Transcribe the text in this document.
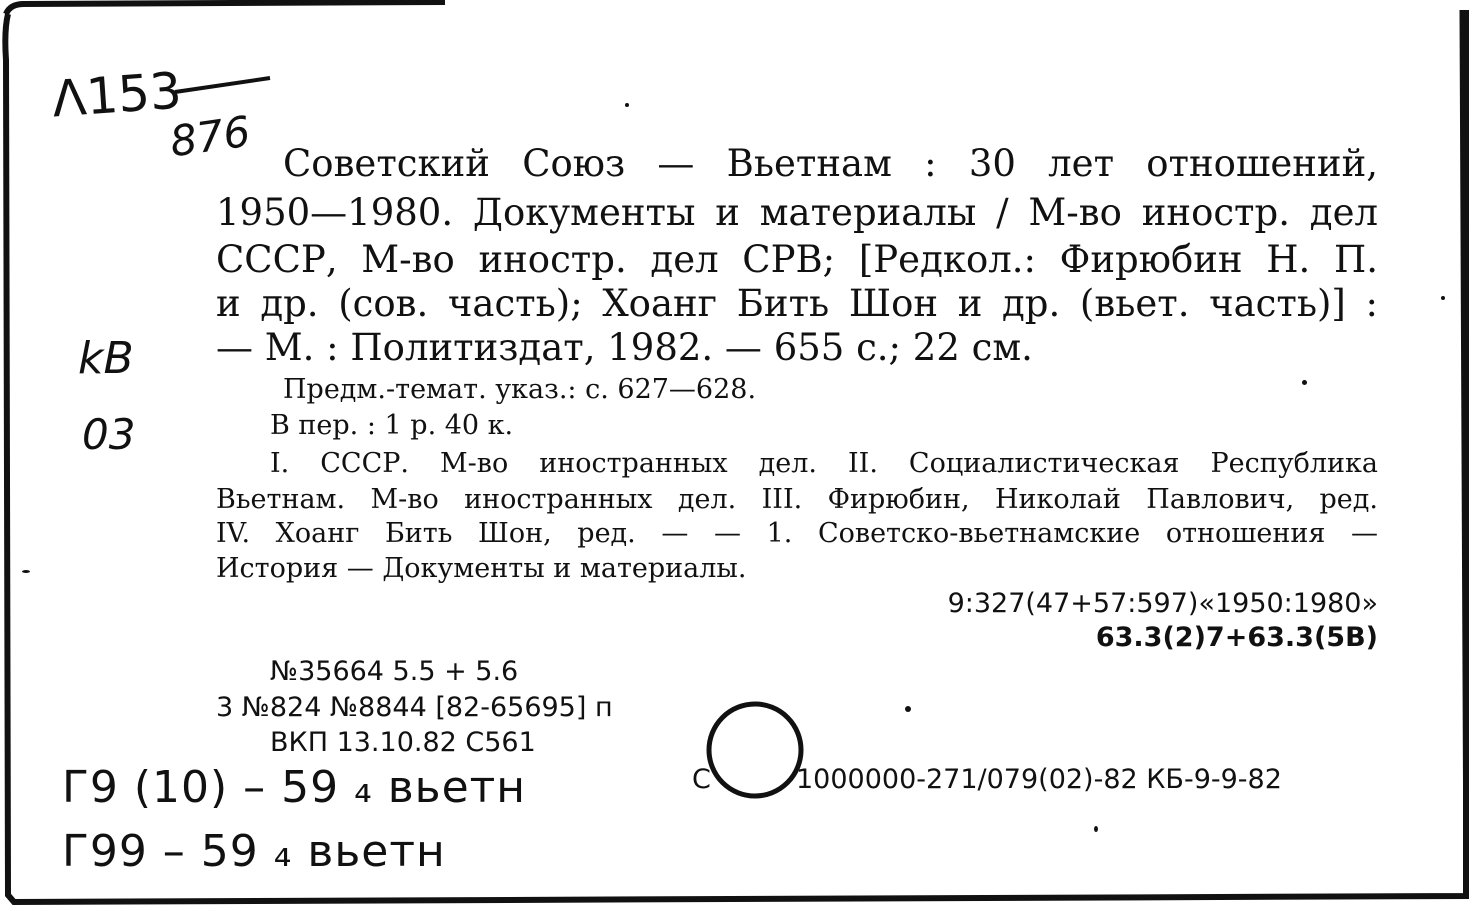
Λ153
876
kB
03
Г9 (10) – 59 ₄ вьетн
Г99 – 59 ₄ вьетн
Советский Союз — Вьетнам : 30 лет отношений,
1950—1980. Документы и материалы / М-во иностр. дел
СССР, М-во иностр. дел СРВ; [Редкол.: Фирюбин Н. П.
и др. (сов. часть); Хоанг Бить Шон и др. (вьет. часть)] :
— М. : Политиздат, 1982. — 655 с.; 22 см.
Предм.-темат. указ.: с. 627—628.
В пер. : 1 р. 40 к.
I. СССР. М-во иностранных дел. II. Социалистическая Республика
Вьетнам. М-во иностранных дел. III. Фирюбин, Николай Павлович, ред.
IV. Хоанг Бить Шон, ред. — — 1. Советско-вьетнамские отношения —
История — Документы и материалы.
9:327(47+57:597)«1950:1980»
63.3(2)7+63.3(5В)
№35664 5.5 + 5.6
3 №824 №8844 [82-65695] п
ВКП 13.10.82 С561
С	1000000-271/079(02)-82 КБ-9-9-82
